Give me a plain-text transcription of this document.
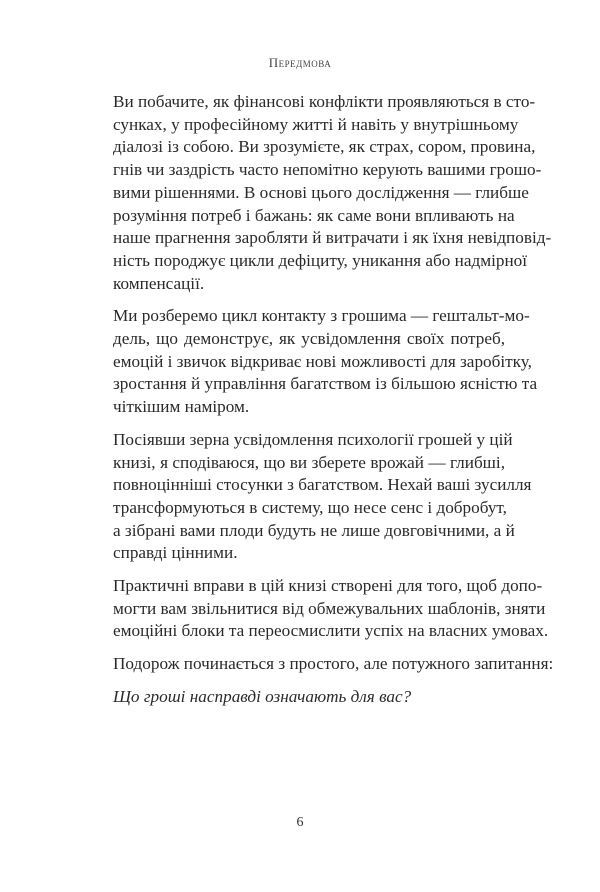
Передмова
Ви побачите, як фінансові конфлікти проявляються в сто-
сунках, у професійному житті й навіть у внутрішньому
діалозі із собою. Ви зрозумієте, як страх, сором, провина,
гнів чи заздрість часто непомітно керують вашими грошо-
вими рішеннями. В основі цього дослідження — глибше
розуміння потреб і бажань: як саме вони впливають на
наше прагнення заробляти й витрачати і як їхня невідповід-
ність породжує цикли дефіциту, уникання або надмірної
компенсації.
Ми розберемо цикл контакту з грошима — гештальт-мо-
дель, що демонструє, як усвідомлення своїх потреб,
емоцій і звичок відкриває нові можливості для заробітку,
зростання й управління багатством із більшою ясністю та
чіткішим наміром.
Посіявши зерна усвідомлення психології грошей у цій
книзі, я сподіваюся, що ви зберете врожай — глибші,
повноцінніші стосунки з багатством. Нехай ваші зусилля
трансформуються в систему, що несе сенс і добробут,
а зібрані вами плоди будуть не лише довговічними, а й
справді цінними.
Практичні вправи в цій книзі створені для того, щоб допо-
могти вам звільнитися від обмежувальних шаблонів, зняти
емоційні блоки та переосмислити успіх на власних умовах.
Подорож починається з простого, але потужного запитання:
Що гроші насправді означають для вас?
6
